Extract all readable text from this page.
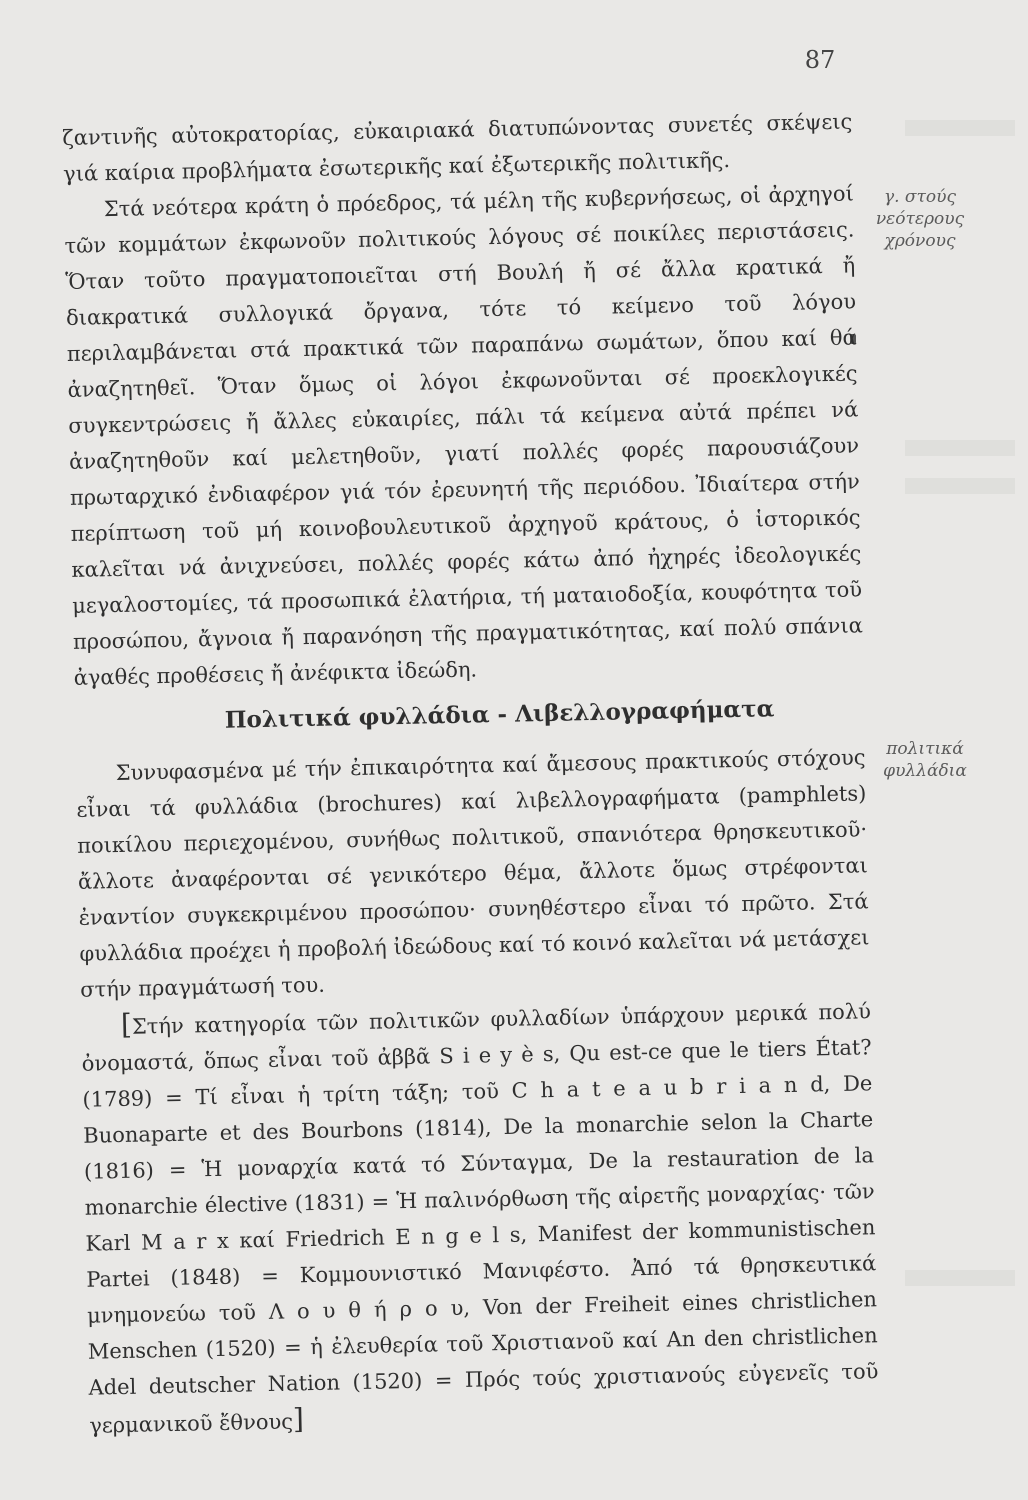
87
γ. στούς
νεότερους
χρόνους
πολιτικά
φυλλάδια

ζαντινῆς αὐτοκρατορίας, εὐκαιριακά διατυπώνοντας συνετές σκέψεις γιά καίρια προβλήματα ἐσωτερικῆς καί ἐξωτερικῆς πολιτικῆς.

Στά νεότερα κράτη ὁ πρόεδρος, τά μέλη τῆς κυβερνήσεως, οἱ ἀρχηγοί τῶν κομμάτων ἐκφωνοῦν πολιτικούς λόγους σέ ποικίλες περιστάσεις. Ὅταν τοῦτο πραγματοποιεῖται στή Βουλή ἤ σέ ἄλλα κρατικά ἤ διακρατικά συλλογικά ὄργανα, τότε τό κείμενο τοῦ λόγου περιλαμβάνεται στά πρακτικά τῶν παραπάνω σωμάτων, ὅπου καί θά ἀναζητηθεῖ. Ὅταν ὅμως οἱ λόγοι ἐκφωνοῦνται σέ προεκλογικές συγκεντρώσεις ἤ ἄλλες εὐκαιρίες, πάλι τά κείμενα αὐτά πρέπει νά ἀναζητηθοῦν καί μελετηθοῦν, γιατί πολλές φορές παρουσιάζουν πρωταρχικό ἐνδιαφέρον γιά τόν ἐρευνητή τῆς περιόδου. Ἰδιαίτερα στήν περίπτωση τοῦ μή κοινοβουλευτικοῦ ἀρχηγοῦ κράτους, ὁ ἱστορικός καλεῖται νά ἀνιχνεύσει, πολλές φορές κάτω ἀπό ἠχηρές ἰδεολογικές μεγαλοστομίες, τά προσωπικά ἐλατήρια, τή ματαιοδοξία, κουφότητα τοῦ προσώπου, ἄγνοια ἤ παρανόηση τῆς πραγματικότητας, καί πολύ σπάνια ἀγαθές προθέσεις ἤ ἀνέφικτα ἰδεώδη.

Πολιτικά φυλλάδια - Λιβελλογραφήματα

Συνυφασμένα μέ τήν ἐπικαιρότητα καί ἄμεσους πρακτικούς στόχους εἶναι τά φυλλάδια (brochures) καί λιβελλογραφήματα (pamphlets) ποικίλου περιεχομένου, συνήθως πολιτικοῦ, σπανιότερα θρησκευτικοῦ· ἄλλοτε ἀναφέρονται σέ γενικότερο θέμα, ἄλλοτε ὅμως στρέφονται ἐναντίον συγκεκριμένου προσώπου· συνηθέστερο εἶναι τό πρῶτο. Στά φυλλάδια προέχει ἡ προβολή ἰδεώδους καί τό κοινό καλεῖται νά μετάσχει στήν πραγμάτωσή του.

[ Στήν κατηγορία τῶν πολιτικῶν φυλλαδίων ὑπάρχουν μερικά πολύ ὀνομαστά, ὅπως εἶναι τοῦ ἀββᾶ S i e y è s, Qu est-ce que le tiers État? (1789) = Τί εἶναι ἡ τρίτη τάξη; τοῦ C h a t e a u b r i a n d, De Buonaparte et des Bourbons (1814), De la monarchie selon la Charte (1816) = Ἡ μοναρχία κατά τό Σύνταγμα, De la restauration de la monarchie élective (1831) = Ἡ παλινόρθωση τῆς αἱρετῆς μοναρχίας· τῶν Karl M a r x καί Friedrich E n g e l s, Manifest der kommunistischen Partei (1848) = Κομμουνιστικό Μανιφέστο. Ἀπό τά θρησκευτικά μνημονεύω τοῦ Λ ο υ θ ή ρ ο υ, Von der Freiheit eines christlichen Menschen (1520) = ἡ ἐλευθερία τοῦ Χριστιανοῦ καί An den christlichen Adel deutscher Nation (1520) = Πρός τούς χριστιανούς εὐγενεῖς τοῦ γερμανικοῦ ἔθνους ]
